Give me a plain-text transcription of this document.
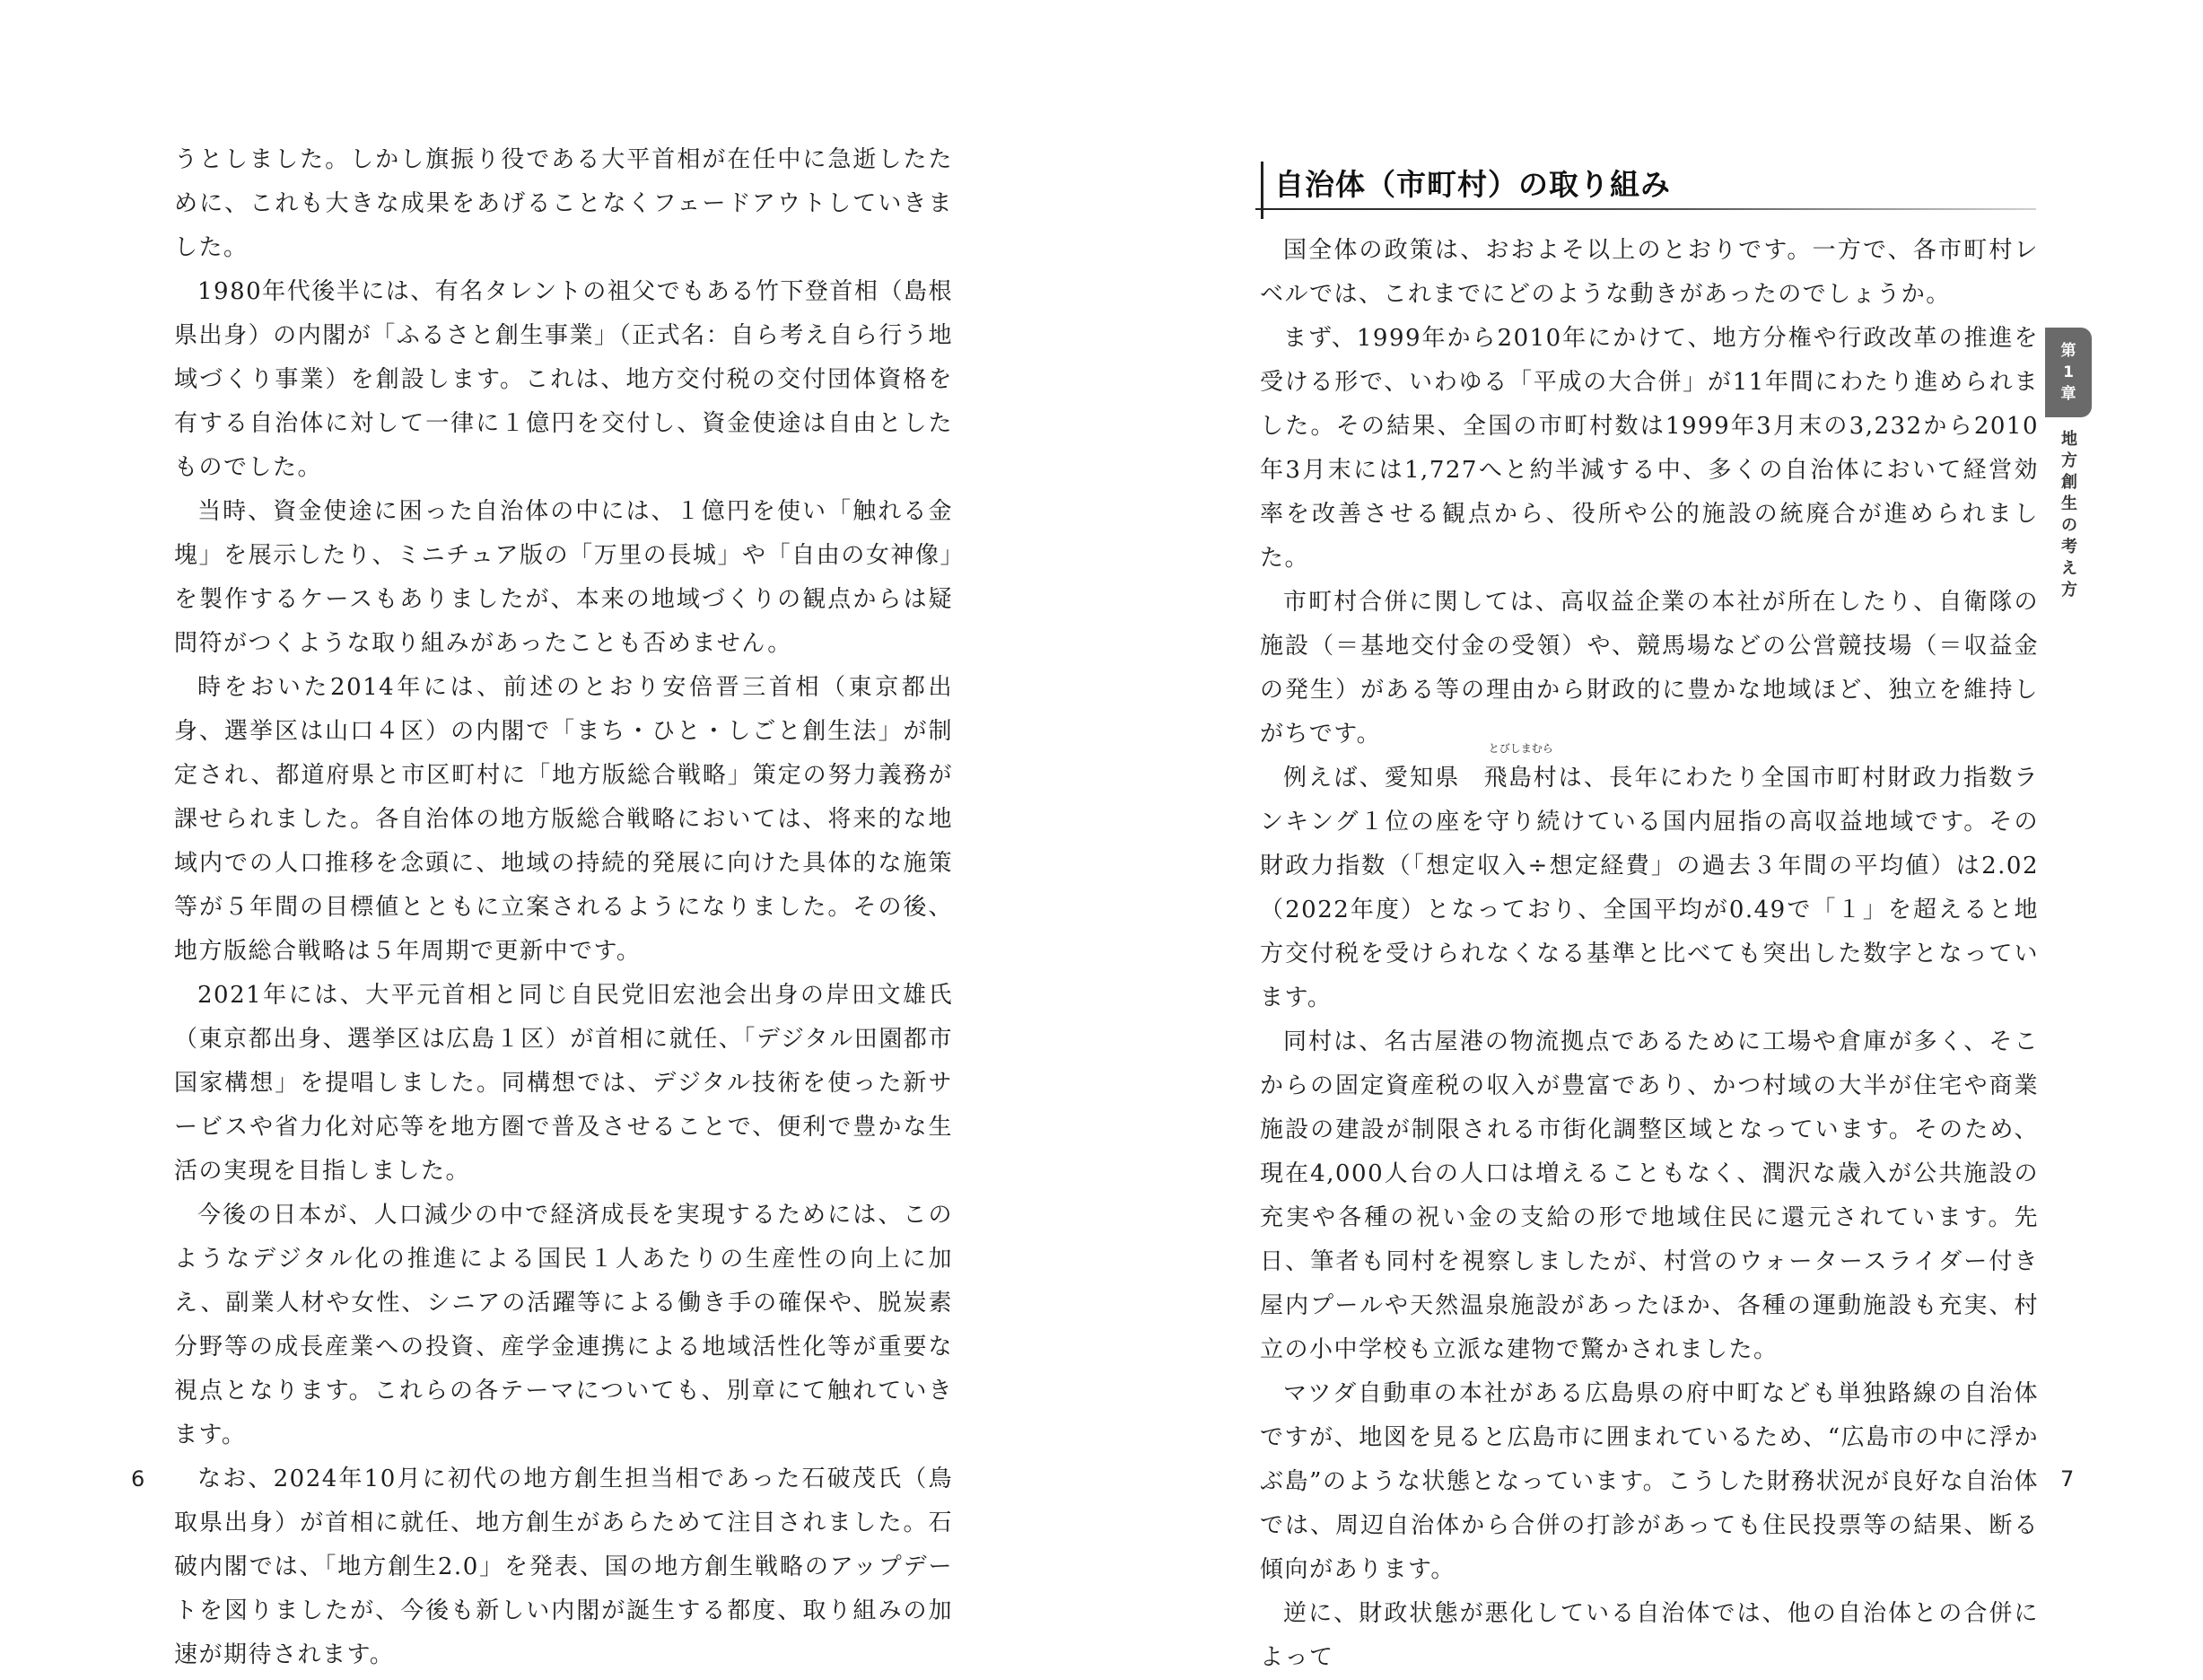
うとしました。しかし旗振り役である大平首相が在任中に急逝したために、これも大きな成果をあげることなくフェードアウトしていきました。

1980年代後半には、有名タレントの祖父でもある竹下登首相（島根県出身）の内閣が「ふるさと創生事業」（正式名：自ら考え自ら行う地域づくり事業）を創設します。これは、地方交付税の交付団体資格を有する自治体に対して一律に１億円を交付し、資金使途は自由としたものでした。

当時、資金使途に困った自治体の中には、１億円を使い「触れる金塊」を展示したり、ミニチュア版の「万里の長城」や「自由の女神像」を製作するケースもありましたが、本来の地域づくりの観点からは疑問符がつくような取り組みがあったことも否めません。

時をおいた2014年には、前述のとおり安倍晋三首相（東京都出身、選挙区は山口４区）の内閣で「まち・ひと・しごと創生法」が制定され、都道府県と市区町村に「地方版総合戦略」策定の努力義務が課せられました。各自治体の地方版総合戦略においては、将来的な地域内での人口推移を念頭に、地域の持続的発展に向けた具体的な施策等が５年間の目標値とともに立案されるようになりました。その後、地方版総合戦略は５年周期で更新中です。

2021年には、大平元首相と同じ自民党旧宏池会出身の岸田文雄氏（東京都出身、選挙区は広島１区）が首相に就任、「デジタル田園都市国家構想」を提唱しました。同構想では、デジタル技術を使った新サービスや省力化対応等を地方圏で普及させることで、便利で豊かな生活の実現を目指しました。

今後の日本が、人口減少の中で経済成長を実現するためには、このようなデジタル化の推進による国民１人あたりの生産性の向上に加え、副業人材や女性、シニアの活躍等による働き手の確保や、脱炭素分野等の成長産業への投資、産学金連携による地域活性化等が重要な視点となります。これらの各テーマについても、別章にて触れていきます。

なお、2024年10月に初代の地方創生担当相であった石破茂氏（鳥取県出身）が首相に就任、地方創生があらためて注目されました。石破内閣では、「地方創生2.0」を発表、国の地方創生戦略のアップデートを図りましたが、今後も新しい内閣が誕生する都度、取り組みの加速が期待されます。

6
自治体（市町村）の取り組み

国全体の政策は、おおよそ以上のとおりです。一方で、各市町村レベルでは、これまでにどのような動きがあったのでしょうか。

まず、1999年から2010年にかけて、地方分権や行政改革の推進を受ける形で、いわゆる「平成の大合併」が11年間にわたり進められました。その結果、全国の市町村数は1999年3月末の3,232から2010年3月末には1,727へと約半減する中、多くの自治体において経営効率を改善させる観点から、役所や公的施設の統廃合が進められました。

市町村合併に関しては、高収益企業の本社が所在したり、自衛隊の施設（＝基地交付金の受領）や、競馬場などの公営競技場（＝収益金の発生）がある等の理由から財政的に豊かな地域ほど、独立を維持しがちです。

例えば、愛知県
とびしまむら
飛島村は、長年にわたり全国市町村財政力指数ランキング１位の座を守り続けている国内屈指の高収益地域です。その財政力指数（「想定収入÷想定経費」の過去３年間の平均値）は2.02（2022年度）となっており、全国平均が0.49で「１」を超えると地方交付税を受けられなくなる基準と比べても突出した数字となっています。

同村は、名古屋港の物流拠点であるために工場や倉庫が多く、そこからの固定資産税の収入が豊富であり、かつ村域の大半が住宅や商業施設の建設が制限される市街化調整区域となっています。そのため、現在4,000人台の人口は増えることもなく、潤沢な歳入が公共施設の充実や各種の祝い金の支給の形で地域住民に還元されています。先日、筆者も同村を視察しましたが、村営のウォータースライダー付き屋内プールや天然温泉施設があったほか、各種の運動施設も充実、村立の小中学校も立派な建物で驚かされました。

マツダ自動車の本社がある広島県の府中町なども単独路線の自治体ですが、地図を見ると広島市に囲まれているため、“広島市の中に浮かぶ島”のような状態となっています。こうした財務状況が良好な自治体では、周辺自治体から合併の打診があっても住民投票等の結果、断る傾向があります。

逆に、財政状態が悪化している自治体では、他の自治体との合併によって

第
1
章
地方創生の考え方
7
